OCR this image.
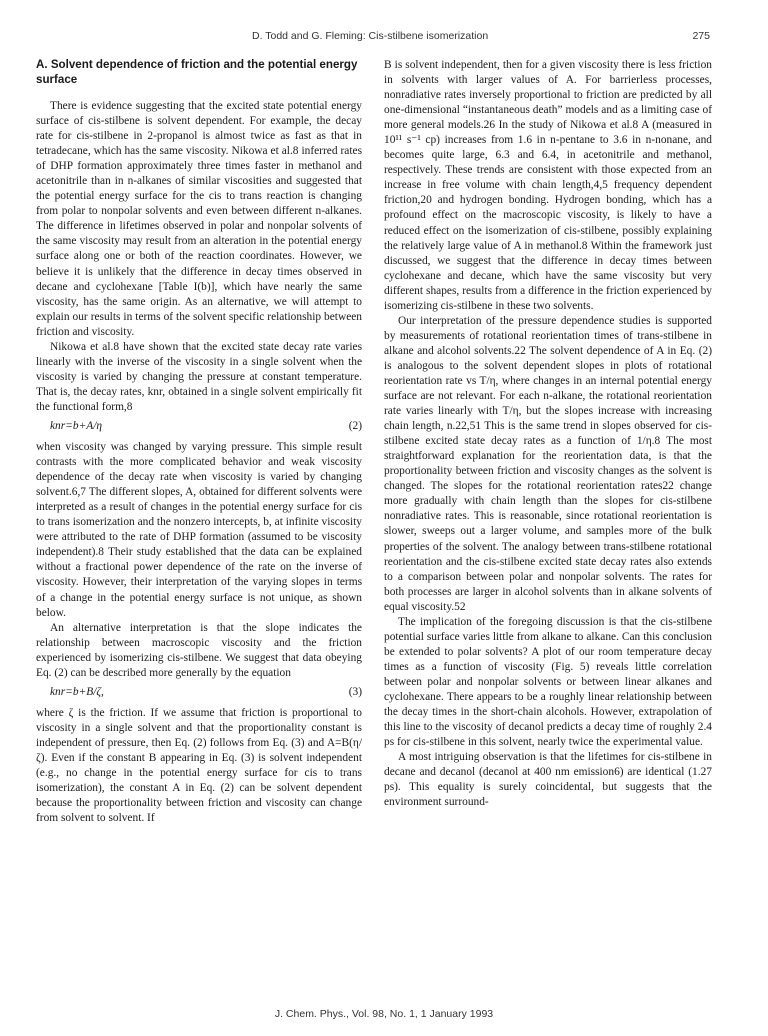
D. Todd and G. Fleming: Cis-stilbene isomerization	275
A. Solvent dependence of friction and the potential energy surface

There is evidence suggesting that the excited state potential energy surface of cis-stilbene is solvent dependent. For example, the decay rate for cis-stilbene in 2-propanol is almost twice as fast as that in tetradecane, which has the same viscosity. Nikowa et al.8 inferred rates of DHP formation approximately three times faster in methanol and acetonitrile than in n-alkanes of similar viscosities and suggested that the potential energy surface for the cis to trans reaction is changing from polar to nonpolar solvents and even between different n-alkanes. The difference in lifetimes observed in polar and nonpolar solvents of the same viscosity may result from an alteration in the potential energy surface along one or both of the reaction coordinates. However, we believe it is unlikely that the difference in decay times observed in decane and cyclohexane [Table I(b)], which have nearly the same viscosity, has the same origin. As an alternative, we will attempt to explain our results in terms of the solvent specific relationship between friction and viscosity.

Nikowa et al.8 have shown that the excited state decay rate varies linearly with the inverse of the viscosity in a single solvent when the viscosity is varied by changing the pressure at constant temperature. That is, the decay rates, knr, obtained in a single solvent empirically fit the functional form,8

knr=b+A/η	(2)

when viscosity was changed by varying pressure. This simple result contrasts with the more complicated behavior and weak viscosity dependence of the decay rate when viscosity is varied by changing solvent.6,7 The different slopes, A, obtained for different solvents were interpreted as a result of changes in the potential energy surface for cis to trans isomerization and the nonzero intercepts, b, at infinite viscosity were attributed to the rate of DHP formation (assumed to be viscosity independent).8 Their study established that the data can be explained without a fractional power dependence of the rate on the inverse of viscosity. However, their interpretation of the varying slopes in terms of a change in the potential energy surface is not unique, as shown below.

An alternative interpretation is that the slope indicates the relationship between macroscopic viscosity and the friction experienced by isomerizing cis-stilbene. We suggest that data obeying Eq. (2) can be described more generally by the equation

knr=b+B/ζ,	(3)

where ζ is the friction. If we assume that friction is proportional to viscosity in a single solvent and that the proportionality constant is independent of pressure, then Eq. (2) follows from Eq. (3) and A=B(η/ζ). Even if the constant B appearing in Eq. (3) is solvent independent (e.g., no change in the potential energy surface for cis to trans isomerization), the constant A in Eq. (2) can be solvent dependent because the proportionality between friction and viscosity can change from solvent to solvent. If

B is solvent independent, then for a given viscosity there is less friction in solvents with larger values of A. For barrierless processes, nonradiative rates inversely proportional to friction are predicted by all one-dimensional “instantaneous death” models and as a limiting case of more general models.26 In the study of Nikowa et al.8 A (measured in 10¹¹ s⁻¹ cp) increases from 1.6 in n-pentane to 3.6 in n-nonane, and becomes quite large, 6.3 and 6.4, in acetonitrile and methanol, respectively. These trends are consistent with those expected from an increase in free volume with chain length,4,5 frequency dependent friction,20 and hydrogen bonding. Hydrogen bonding, which has a profound effect on the macroscopic viscosity, is likely to have a reduced effect on the isomerization of cis-stilbene, possibly explaining the relatively large value of A in methanol.8 Within the framework just discussed, we suggest that the difference in decay times between cyclohexane and decane, which have the same viscosity but very different shapes, results from a difference in the friction experienced by isomerizing cis-stilbene in these two solvents.

Our interpretation of the pressure dependence studies is supported by measurements of rotational reorientation times of trans-stilbene in alkane and alcohol solvents.22 The solvent dependence of A in Eq. (2) is analogous to the solvent dependent slopes in plots of rotational reorientation rate vs T/η, where changes in an internal potential energy surface are not relevant. For each n-alkane, the rotational reorientation rate varies linearly with T/η, but the slopes increase with increasing chain length, n.22,51 This is the same trend in slopes observed for cis-stilbene excited state decay rates as a function of 1/η.8 The most straightforward explanation for the reorientation data, is that the proportionality between friction and viscosity changes as the solvent is changed. The slopes for the rotational reorientation rates22 change more gradually with chain length than the slopes for cis-stilbene nonradiative rates. This is reasonable, since rotational reorientation is slower, sweeps out a larger volume, and samples more of the bulk properties of the solvent. The analogy between trans-stilbene rotational reorientation and the cis-stilbene excited state decay rates also extends to a comparison between polar and nonpolar solvents. The rates for both processes are larger in alcohol solvents than in alkane solvents of equal viscosity.52

The implication of the foregoing discussion is that the cis-stilbene potential surface varies little from alkane to alkane. Can this conclusion be extended to polar solvents? A plot of our room temperature decay times as a function of viscosity (Fig. 5) reveals little correlation between polar and nonpolar solvents or between linear alkanes and cyclohexane. There appears to be a roughly linear relationship between the decay times in the short-chain alcohols. However, extrapolation of this line to the viscosity of decanol predicts a decay time of roughly 2.4 ps for cis-stilbene in this solvent, nearly twice the experimental value.

A most intriguing observation is that the lifetimes for cis-stilbene in decane and decanol (decanol at 400 nm emission6) are identical (1.27 ps). This equality is surely coincidental, but suggests that the environment surround-

J. Chem. Phys., Vol. 98, No. 1, 1 January 1993
